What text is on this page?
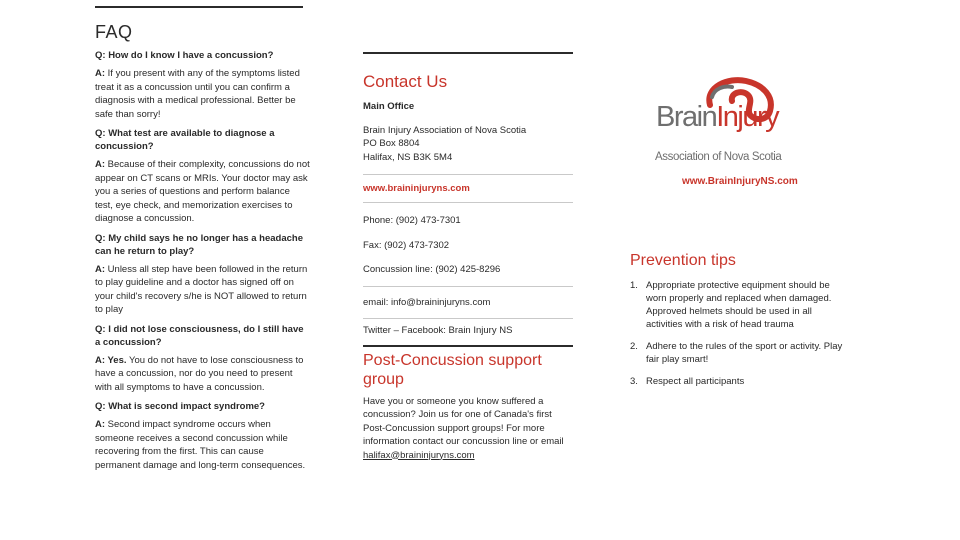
FAQ

Q: How do I know I have a concussion?

A: If you present with any of the symptoms listed treat it as a concussion until you can confirm a diagnosis with a medical professional. Better be safe than sorry!

Q: What test are available to diagnose a concussion?

A: Because of their complexity, concussions do not appear on CT scans or MRIs. Your doctor may ask you a series of questions and perform balance test, eye check, and memorization exercises to diagnose a concussion.

Q: My child says he no longer has a headache can he return to play?

A: Unless all step have been followed in the return to play guideline and a doctor has signed off on your child's recovery s/he is NOT allowed to return to play

Q: I did not lose consciousness, do I still have a concussion?

A: Yes. You do not have to lose consciousness to have a concussion, nor do you need to present with all symptoms to have a concussion.

Q: What is second impact syndrome?

A: Second impact syndrome occurs when someone receives a second concussion while recovering from the first. This can cause permanent damage and long-term consequences.

Contact Us

Main Office

Brain Injury Association of Nova Scotia

PO Box 8804

Halifax, NS B3K 5M4

www.braininjuryns.com

Phone: (902) 473-7301

Fax: (902) 473-7302

Concussion line: (902) 425-8296

email: info@braininjuryns.com

Twitter – Facebook: Brain Injury NS

Post-Concussion support group

Have you or someone you know suffered a concussion? Join us for one of Canada's first Post-Concussion support groups! For more information contact our concussion line or email

halifax@braininjuryns.com

BrainInjury
Association of Nova Scotia
www.BrainInjuryNS.com
Prevention tips
1. Appropriate protective equipment should be worn properly and replaced when damaged. Approved helmets should be used in all activities with a risk of head trauma
2. Adhere to the rules of the sport or activity. Play fair play smart!
3. Respect all participants
